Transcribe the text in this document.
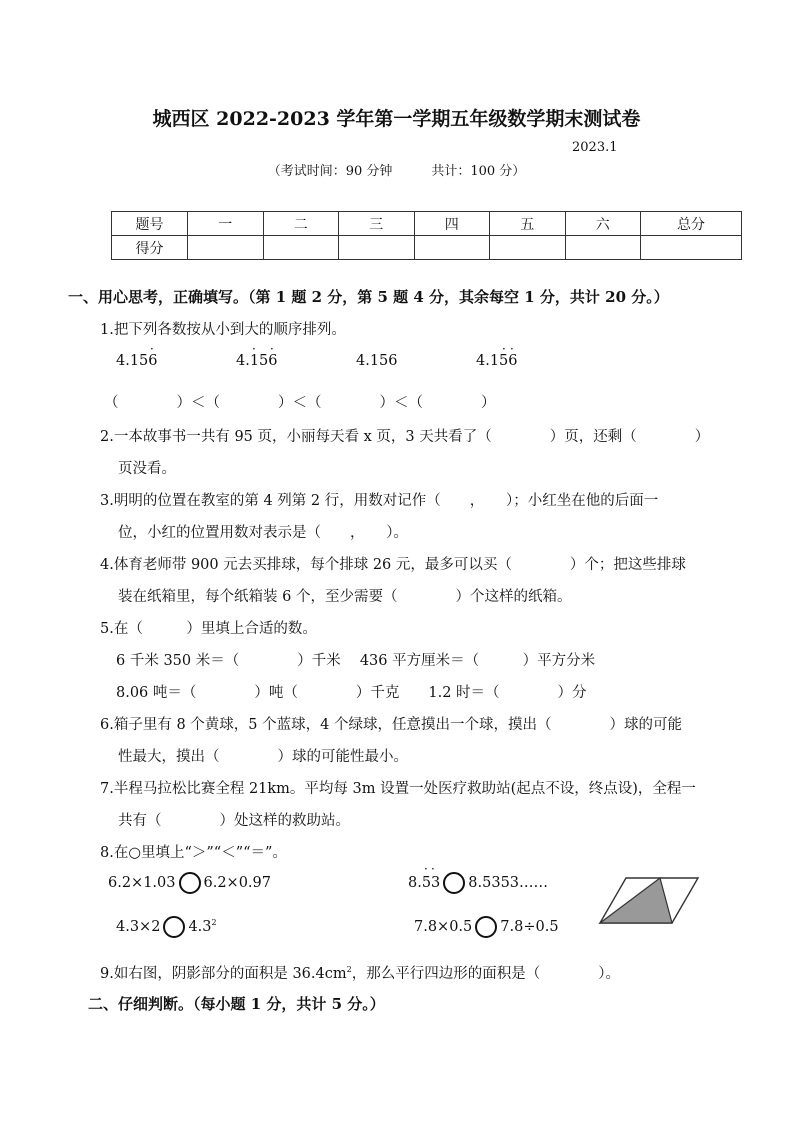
城西区 2022-2023 学年第一学期五年级数学期末测试卷
2023.1
（考试时间：90 分钟　　　共计：100 分）
题号	一	二	三	四	五	六	总分
得分							
一、用心思考，正确填写。（第 1 题 2 分，第 5 题 4 分，其余每空 1 分，共计 20 分。）
1.把下列各数按从小到大的顺序排列。
4.156
·
4.156
· ·
4.156	4.156
· ·
（　　　　）＜（　　　　）＜（　　　　）＜（　　　　）
2.一本故事书一共有 95 页，小丽每天看 x 页，3 天共看了（　　　　）页，还剩（　　　　）
页没看。
3.明明的位置在教室的第 4 列第 2 行，用数对记作（　　，　　）；小红坐在他的后面一
位，小红的位置用数对表示是（　　，　　）。
4.体育老师带 900 元去买排球，每个排球 26 元，最多可以买（　　　　）个；把这些排球
装在纸箱里，每个纸箱装 6 个，至少需要（　　　　）个这样的纸箱。
5.在（　　　）里填上合适的数。
6 千米 350 米＝（　　　　）千米　 436 平方厘米＝（　　　）平方分米
8.06 吨＝（　　　　）吨（　　　　）千克　　1.2 时＝（　　　　）分
6.箱子里有 8 个黄球，5 个蓝球，4 个绿球，任意摸出一个球，摸出（　　　　）球的可能
性最大，摸出（　　　　）球的可能性最小。
7.半程马拉松比赛全程 21km。平均每 3m 设置一处医疗救助站(起点不设，终点设)，全程一
共有（　　　　）处这样的救助站。
8.在○里填上“＞”“＜”“＝”。
6.2×1.03 6.2×0.97	8.53 8.5353……
· ·
4.3×2 $4.3^2$	7.8×0.5 7.8÷0.5
9.如右图，阴影部分的面积是 $36.4cm^2$，那么平行四边形的面积是（　　　　）。
二、仔细判断。（每小题 1 分，共计 5 分。）
